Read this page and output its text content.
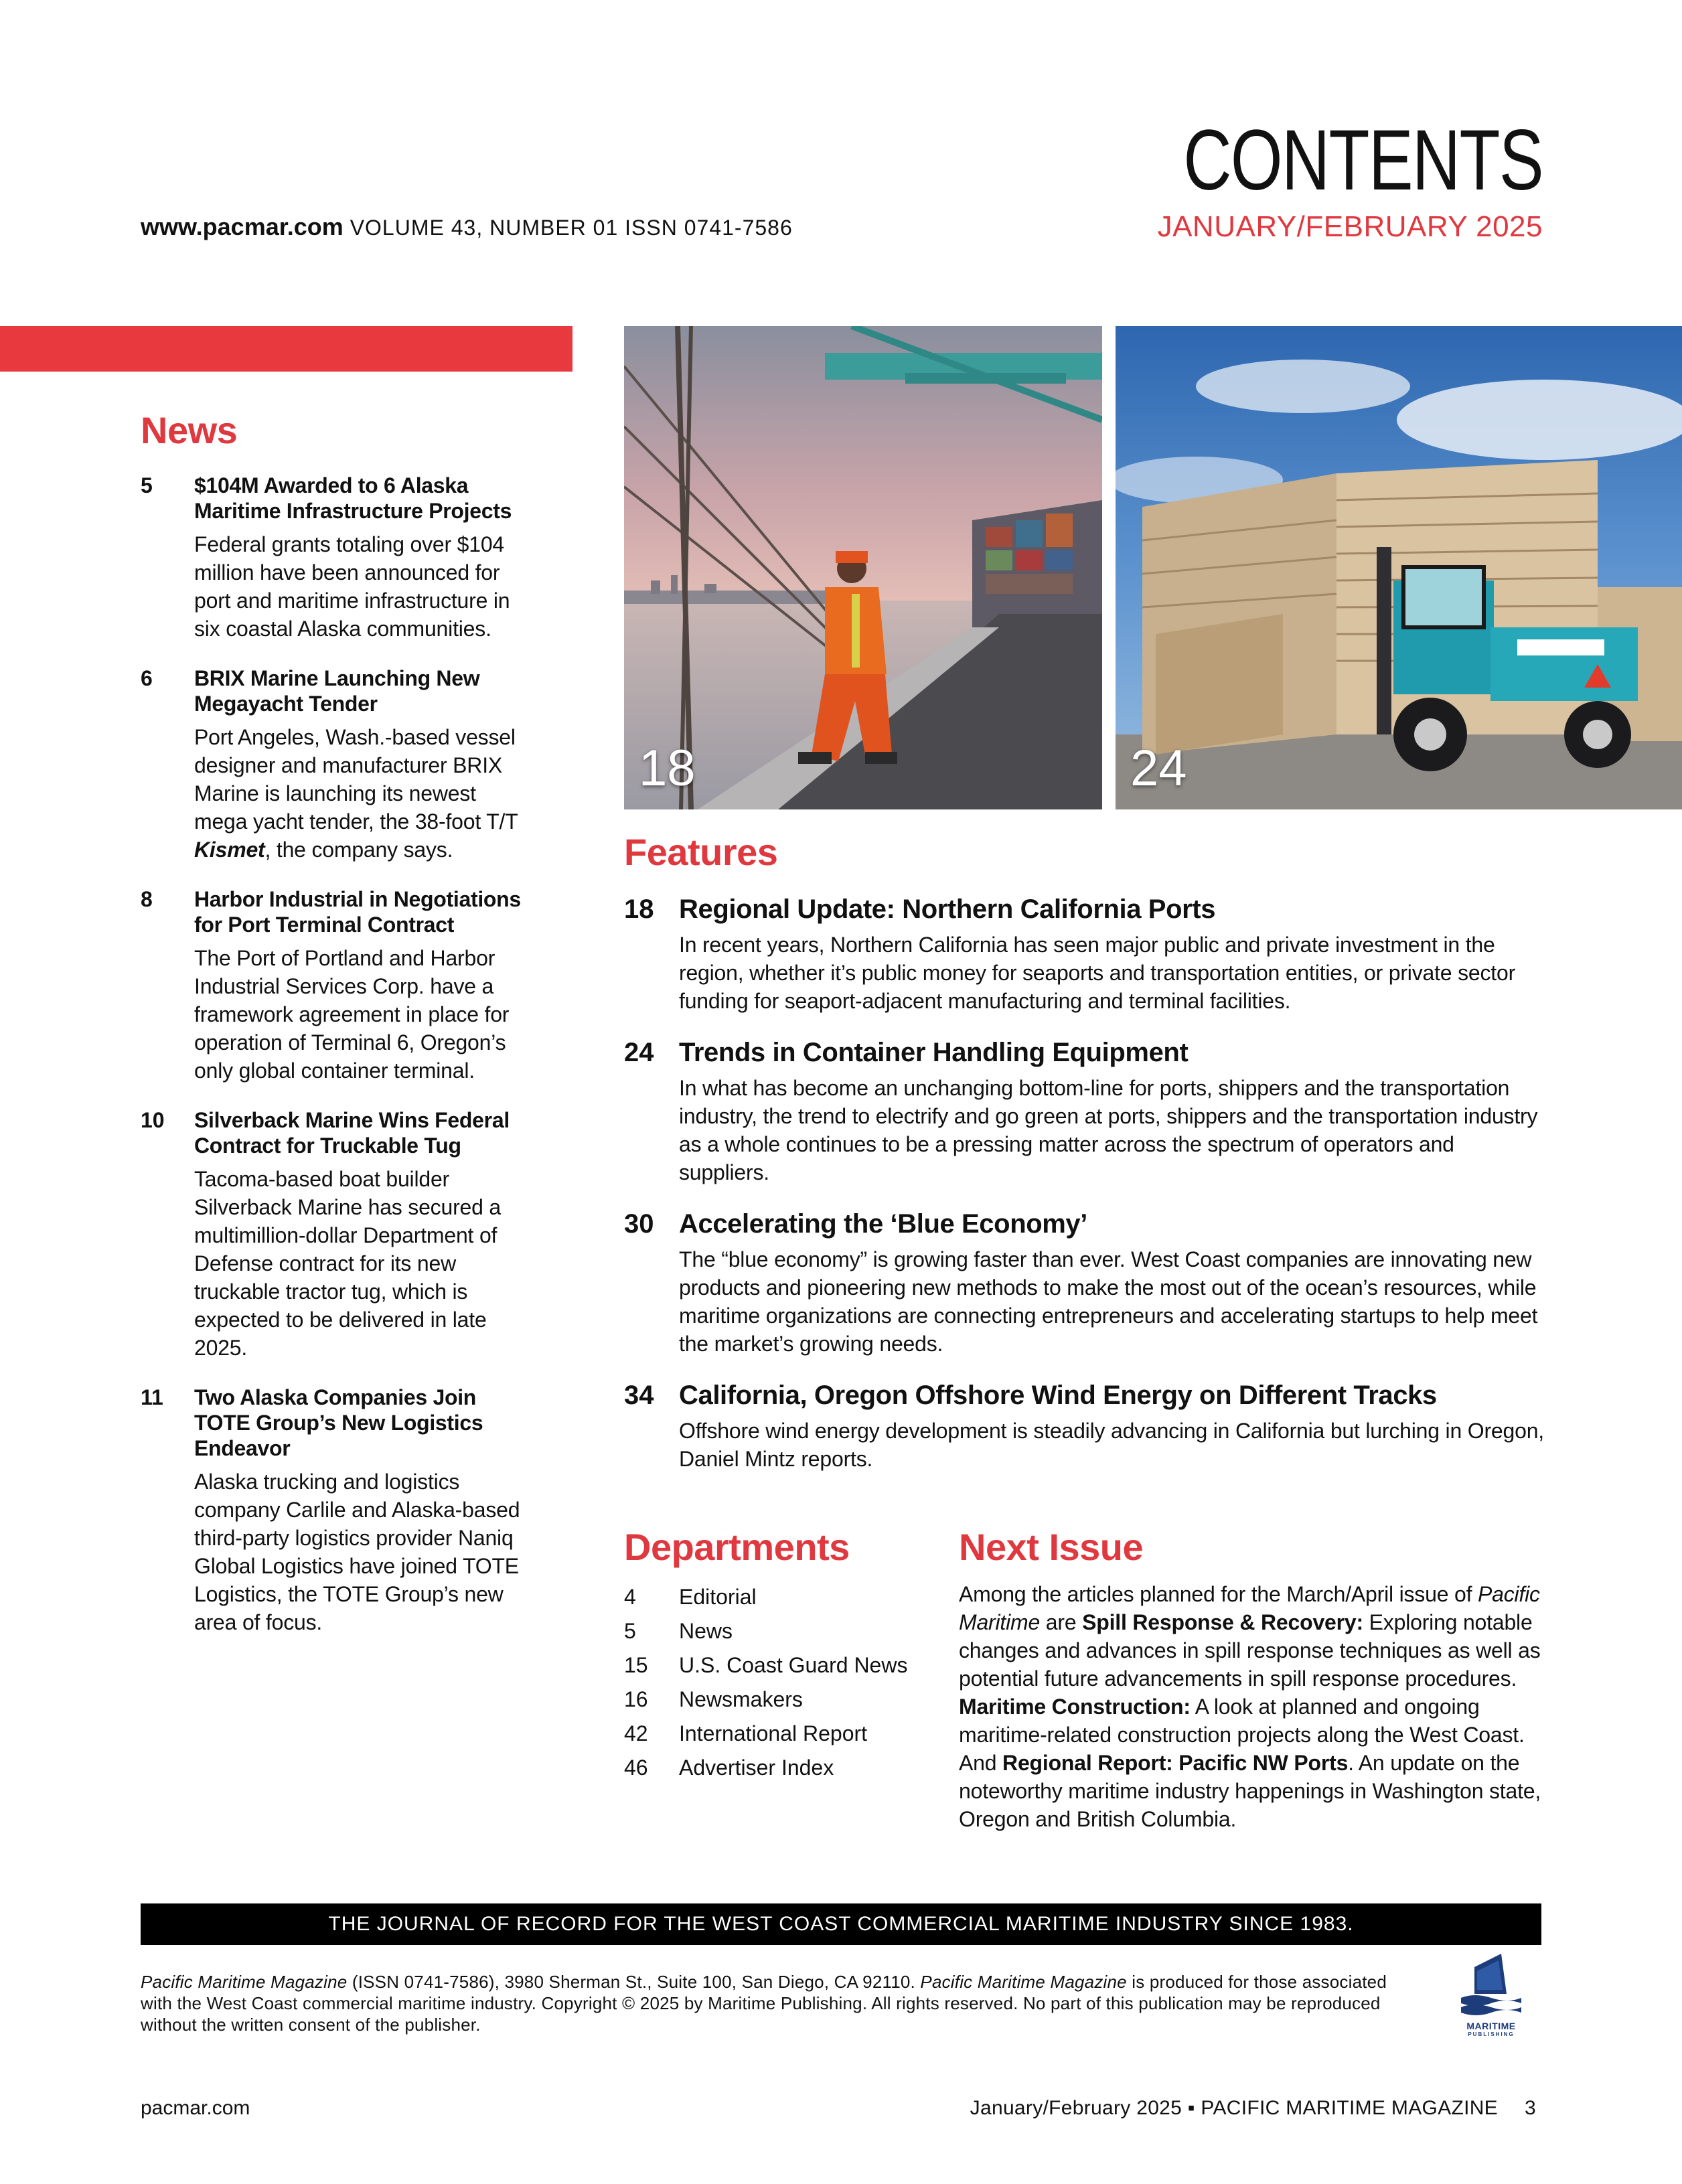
CONTENTS
JANUARY/FEBRUARY 2025
www.pacmar.com VOLUME 43, NUMBER 01 ISSN 0741-7586
18	24
News
5	$104M Awarded to 6 Alaska Maritime Infrastructure Projects
Federal grants totaling over $104 million have been announced for port and maritime infrastructure in six coastal Alaska communities.
6	BRIX Marine Launching New Megayacht Tender
Port Angeles, Wash.-based vessel designer and manufacturer BRIX Marine is launching its newest mega yacht tender, the 38-foot T/T Kismet, the company says.
8	Harbor Industrial in Negotiations for Port Terminal Contract
The Port of Portland and Harbor Industrial Services Corp. have a framework agreement in place for operation of Terminal 6, Oregon’s only global container terminal.
10	Silverback Marine Wins Federal Contract for Truckable Tug
Tacoma-based boat builder Silverback Marine has secured a multimillion-dollar Department of Defense contract for its new truckable tractor tug, which is expected to be delivered in late 2025.
11	Two Alaska Companies Join TOTE Group’s New Logistics Endeavor
Alaska trucking and logistics company Carlile and Alaska-based third-party logistics provider Naniq Global Logistics have joined TOTE Logistics, the TOTE Group’s new area of focus.
Features
18 Regional Update: Northern California Ports
In recent years, Northern California has seen major public and private investment in the region, whether it’s public money for seaports and transportation entities, or private sector funding for seaport-adjacent manufacturing and terminal facilities.
24 Trends in Container Handling Equipment
In what has become an unchanging bottom-line for ports, shippers and the transportation industry, the trend to electrify and go green at ports, shippers and the transportation industry as a whole continues to be a pressing matter across the spectrum of operators and suppliers.
30 Accelerating the ‘Blue Economy’
The “blue economy” is growing faster than ever. West Coast companies are innovating new products and pioneering new methods to make the most out of the ocean’s resources, while maritime organizations are connecting entrepreneurs and accelerating startups to help meet the market’s growing needs.
34 California, Oregon Offshore Wind Energy on Different Tracks
Offshore wind energy development is steadily advancing in California but lurching in Oregon, Daniel Mintz reports.
Departments
4	Editorial
5	News
15	U.S. Coast Guard News
16	Newsmakers
42	International Report
46	Advertiser Index
Next Issue
Among the articles planned for the March/April issue of Pacific Maritime are Spill Response & Recovery: Exploring notable changes and advances in spill response techniques as well as potential future advancements in spill response procedures. Maritime Construction: A look at planned and ongoing maritime-related construction projects along the West Coast. And Regional Report: Pacific NW Ports. An update on the noteworthy maritime industry happenings in Washington state, Oregon and British Columbia.
THE JOURNAL OF RECORD FOR THE WEST COAST COMMERCIAL MARITIME INDUSTRY SINCE 1983.
Pacific Maritime Magazine (ISSN 0741-7586), 3980 Sherman St., Suite 100, San Diego, CA 92110. Pacific Maritime Magazine is produced for those associated with the West Coast commercial maritime industry. Copyright © 2025 by Maritime Publishing. All rights reserved. No part of this publication may be reproduced without the written consent of the publisher.	MARITIME
PUBLISHING
pacmar.com	January/February 2025 ▪ PACIFIC MARITIME MAGAZINE 3
